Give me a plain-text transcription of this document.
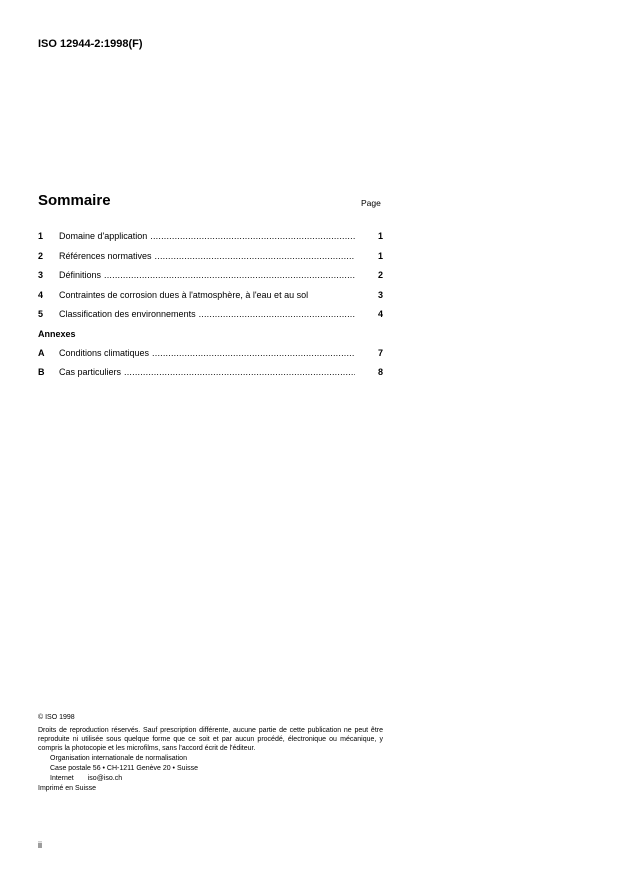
ISO 12944-2:1998(F)
Sommaire	Page
1	Domaine d'application .....	1
2	Références normatives .....	1
3	Définitions .....	2
4	Contraintes de corrosion dues à l'atmosphère, à l'eau et au sol	3
5	Classification des environnements .....	4
Annexes
A	Conditions climatiques .....	7
B	Cas particuliers .....	8
© ISO 1998
Droits de reproduction réservés. Sauf prescription différente, aucune partie de cette publication ne peut être reproduite ni utilisée sous quelque forme que ce soit et par aucun procédé, électronique ou mécanique, y compris la photocopie et les microfilms, sans l'accord écrit de l'éditeur.
Organisation internationale de normalisation
Case postale 56 • CH-1211 Genève 20 • Suisse
Internet iso@iso.ch
Imprimé en Suisse
ii
